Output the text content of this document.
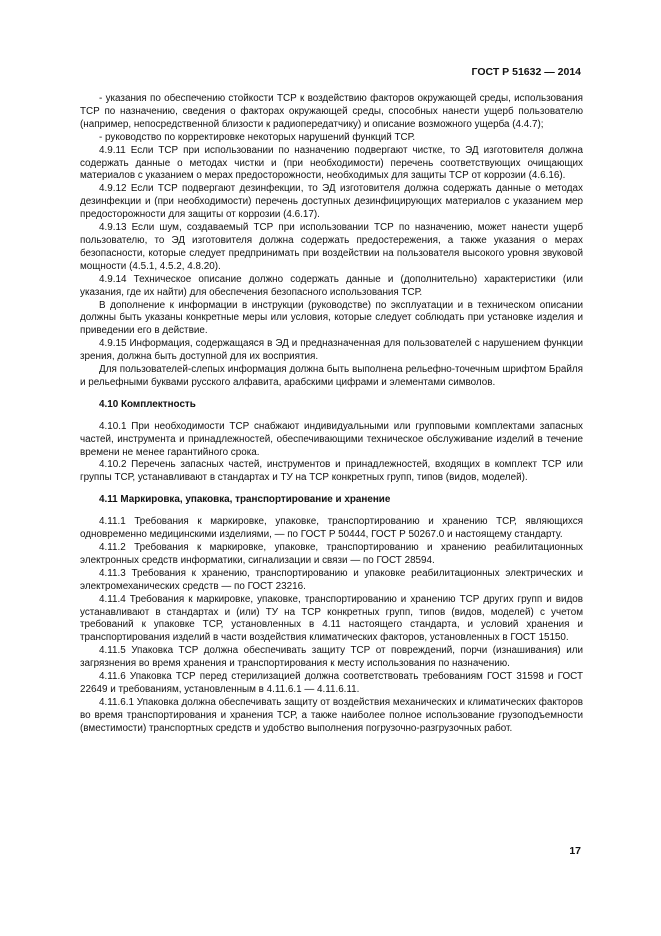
ГОСТ Р 51632 — 2014

- указания по обеспечению стойкости ТСР к воздействию факторов окружающей среды, использования ТСР по назначению, сведения о факторах окружающей среды, способных нанести ущерб пользователю (например, непосредственной близости к радиопередатчику) и описание возможного ущерба (4.4.7);

- руководство по корректировке некоторых нарушений функций ТСР.

4.9.11 Если ТСР при использовании по назначению подвергают чистке, то ЭД изготовителя должна содержать данные о методах чистки и (при необходимости) перечень соответствующих очищающих материалов с указанием о мерах предосторожности, необходимых для защиты ТСР от коррозии (4.6.16).

4.9.12 Если ТСР подвергают дезинфекции, то ЭД изготовителя должна содержать данные о методах дезинфекции и (при необходимости) перечень доступных дезинфицирующих материалов с указанием мер предосторожности для защиты от коррозии (4.6.17).

4.9.13 Если шум, создаваемый ТСР при использовании ТСР по назначению, может нанести ущерб пользователю, то ЭД изготовителя должна содержать предостережения, а также указания о мерах безопасности, которые следует предпринимать при воздействии на пользователя высокого уровня звуковой мощности (4.5.1, 4.5.2, 4.8.20).

4.9.14 Техническое описание должно содержать данные и (дополнительно) характеристики (или указания, где их найти) для обеспечения безопасного использования ТСР.

В дополнение к информации в инструкции (руководстве) по эксплуатации и в техническом описании должны быть указаны конкретные меры или условия, которые следует соблюдать при установке изделия и приведении его в действие.

4.9.15 Информация, содержащаяся в ЭД и предназначенная для пользователей с нарушением функции зрения, должна быть доступной для их восприятия.

Для пользователей-слепых информация должна быть выполнена рельефно-точечным шрифтом Брайля и рельефными буквами русского алфавита, арабскими цифрами и элементами символов.

4.10 Комплектность

4.10.1 При необходимости ТСР снабжают индивидуальными или групповыми комплектами запасных частей, инструмента и принадлежностей, обеспечивающими техническое обслуживание изделий в течение времени не менее гарантийного срока.

4.10.2 Перечень запасных частей, инструментов и принадлежностей, входящих в комплект ТСР или группы ТСР, устанавливают в стандартах и ТУ на ТСР конкретных групп, типов (видов, моделей).

4.11 Маркировка, упаковка, транспортирование и хранение

4.11.1 Требования к маркировке, упаковке, транспортированию и хранению ТСР, являющихся одновременно медицинскими изделиями, — по ГОСТ Р 50444, ГОСТ Р 50267.0 и настоящему стандарту.

4.11.2 Требования к маркировке, упаковке, транспортированию и хранению реабилитационных электронных средств информатики, сигнализации и связи — по ГОСТ 28594.

4.11.3 Требования к хранению, транспортированию и упаковке реабилитационных электрических и электромеханических средств — по ГОСТ 23216.

4.11.4 Требования к маркировке, упаковке, транспортированию и хранению ТСР других групп и видов устанавливают в стандартах и (или) ТУ на ТСР конкретных групп, типов (видов, моделей) с учетом требований к упаковке ТСР, установленных в 4.11 настоящего стандарта, и условий хранения и транспортирования изделий в части воздействия климатических факторов, установленных в ГОСТ 15150.

4.11.5 Упаковка ТСР должна обеспечивать защиту ТСР от повреждений, порчи (изнашивания) или загрязнения во время хранения и транспортирования к месту использования по назначению.

4.11.6 Упаковка ТСР перед стерилизацией должна соответствовать требованиям ГОСТ 31598 и ГОСТ 22649 и требованиям, установленным в 4.11.6.1 — 4.11.6.11.

4.11.6.1 Упаковка должна обеспечивать защиту от воздействия механических и климатических факторов во время транспортирования и хранения ТСР, а также наиболее полное использование грузоподъемности (вместимости) транспортных средств и удобство выполнения погрузочно-разгрузочных работ.

17
